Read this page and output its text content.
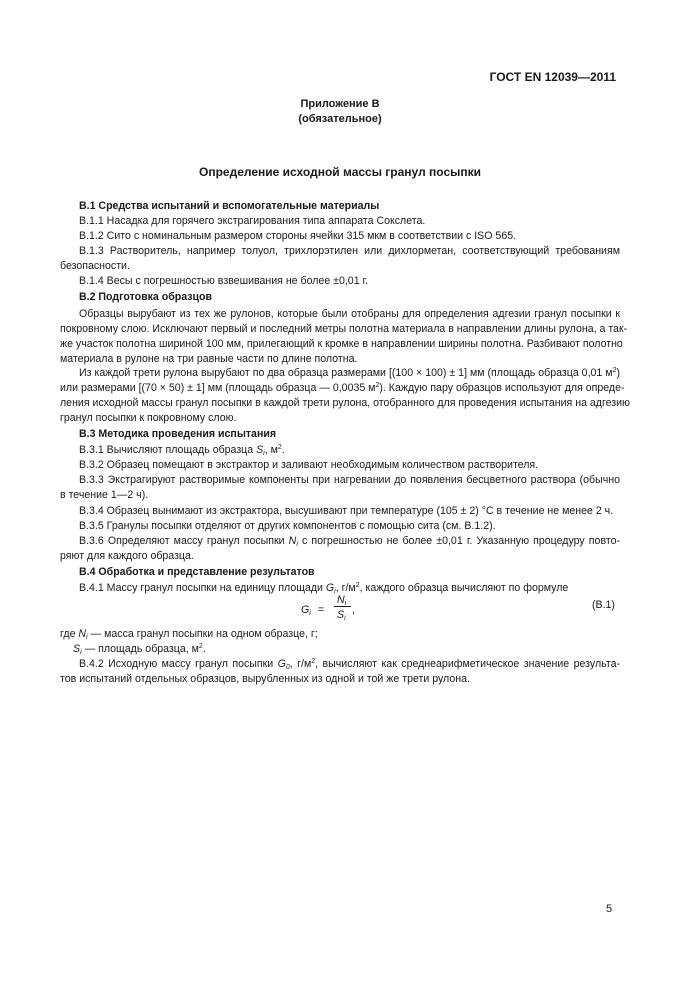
ГОСТ EN 12039—2011
Приложение В
(обязательное)
Определение исходной массы гранул посыпки
В.1 Средства испытаний и вспомогательные материалы
В.1.1 Насадка для горячего экстрагирования типа аппарата Сокслета.
В.1.2 Сито с номинальным размером стороны ячейки 315 мкм в соответствии с ISO 565.
В.1.3 Растворитель, например толуол, трихлорэтилен или дихлорметан, соответствующий требованиям
безопасности.
В.1.4 Весы с погрешностью взвешивания не более ±0,01 г.
В.2 Подготовка образцов
Образцы вырубают из тех же рулонов, которые были отобраны для определения адгезии гранул посыпки к
покровному слою. Исключают первый и последний метры полотна материала в направлении длины рулона, а так-
же участок полотна шириной 100 мм, прилегающий к кромке в направлении ширины полотна. Разбивают полотно
материала в рулоне на три равные части по длине полотна.
Из каждой трети рулона вырубают по два образца размерами [(100 × 100) ± 1] мм (площадь образца 0,01 $м^2$)
или размерами [(70 × 50) ± 1] мм (площадь образца — 0,0035 $м^2$). Каждую пару образцов используют для опреде-
ления исходной массы гранул посыпки в каждой трети рулона, отобранного для проведения испытания на адгезию
гранул посыпки к покровному слою.
В.3 Методика проведения испытания
В.3.1 Вычисляют площадь образца $S_i$, $м^2$.
В.3.2 Образец помещают в экстрактор и заливают необходимым количеством растворителя.
В.3.3 Экстрагируют растворимые компоненты при нагревании до появления бесцветного раствора (обычно
в течение 1—2 ч).
В.3.4 Образец вынимают из экстрактора, высушивают при температуре (105 ± 2) °С в течение не менее 2 ч.
В.3.5 Гранулы посыпки отделяют от других компонентов с помощью сита (см. В.1.2).
В.3.6 Определяют массу гранул посыпки $N_i$ с погрешностью не более ±0,01 г. Указанную процедуру повто-
ряют для каждого образца.
В.4 Обработка и представление результатов
В.4.1 Массу гранул посыпки на единицу площади $G_i$, $г/м^2$, каждого образца вычисляют по формуле
$G_i$ =
$N_i$
$S_i$
,	(В.1)
где $N_i$ — масса гранул посыпки на одном образце, г;
$S_i$ — площадь образца, $м^2$.
В.4.2 Исходную массу гранул посыпки $G_0$, $г/м^2$, вычисляют как среднеарифметическое значение результа-
тов испытаний отдельных образцов, вырубленных из одной и той же трети рулона.
5
